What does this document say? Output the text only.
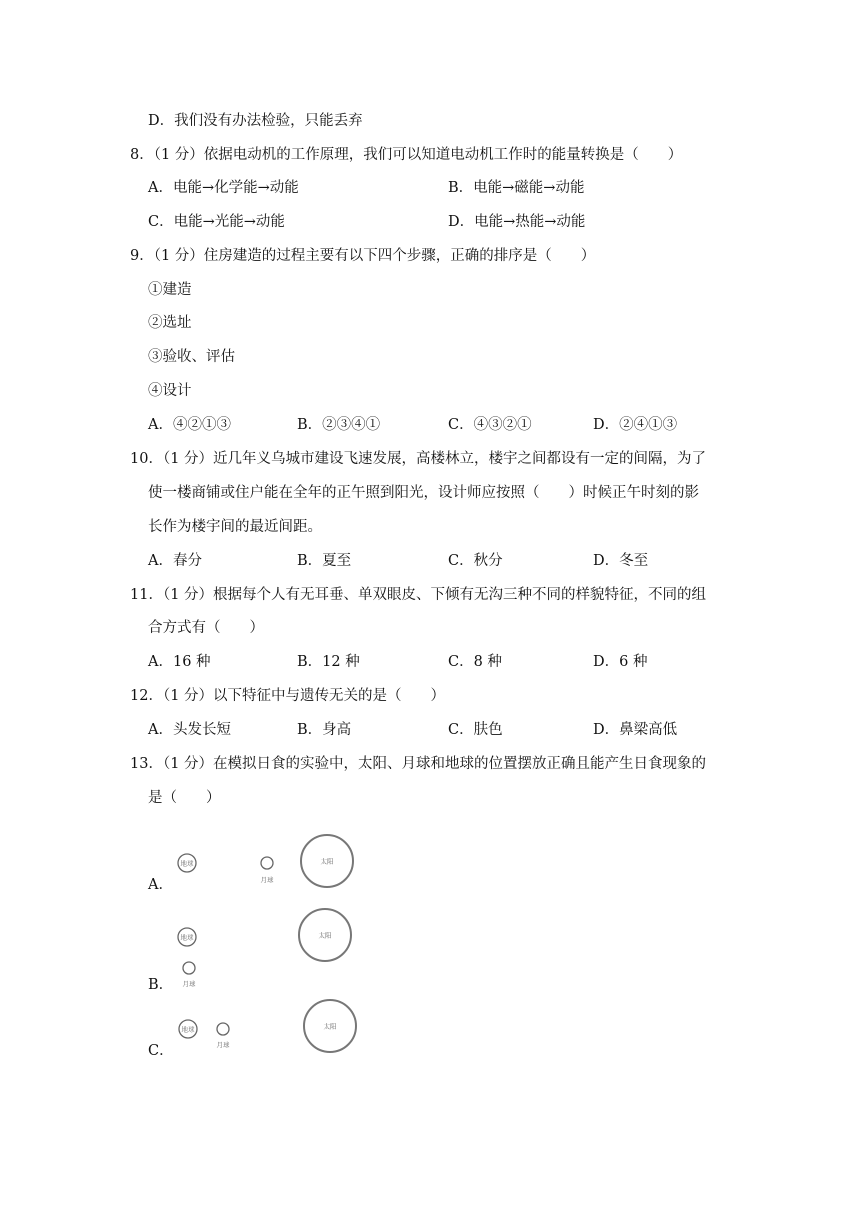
D．我们没有办法检验，只能丢弃
8．（1 分）依据电动机的工作原理，我们可以知道电动机工作时的能量转换是（　　）
A．电能→化学能→动能	B．电能→磁能→动能
C．电能→光能→动能	D．电能→热能→动能
9．（1 分）住房建造的过程主要有以下四个步骤，正确的排序是（　　）
①建造
②选址
③验收、评估
④设计
A．④②①③	B．②③④①	C．④③②①	D．②④①③
10．（1 分）近几年义乌城市建设飞速发展，高楼林立，楼宇之间都设有一定的间隔，为了
使一楼商铺或住户能在全年的正午照到阳光，设计师应按照（　　）时候正午时刻的影
长作为楼宇间的最近间距。
A．春分	B．夏至	C．秋分	D．冬至
11．（1 分）根据每个人有无耳垂、单双眼皮、下倾有无沟三种不同的样貌特征，不同的组
合方式有（　　）
A．16 种	B．12 种	C．8 种	D．6 种
12．（1 分）以下特征中与遗传无关的是（　　）
A．头发长短	B．身高	C．肤色	D．鼻梁高低
13．（1 分）在模拟日食的实验中，太阳、月球和地球的位置摆放正确且能产生日食现象的
是（　　）
A．
地球
月球
太阳
B．
地球
月球
太阳
C．
地球
月球
太阳
